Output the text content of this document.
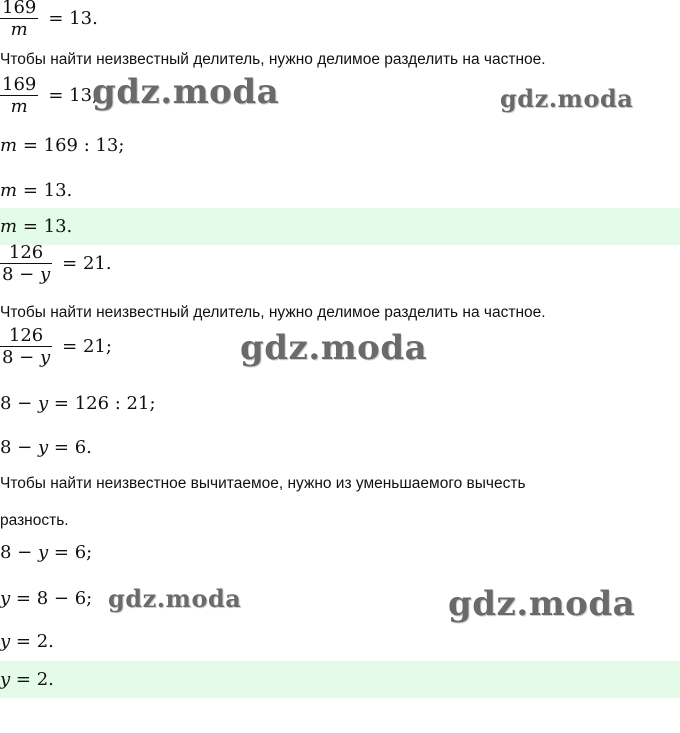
$\frac{169}{m} = 13$.
Чтобы найти неизвестный делитель, нужно делимое разделить на частное.
$\frac{169}{m} = 13$;
m = 169 : 13;
m = 13.
m = 13.
$\frac{126}{8 - y} = 21$.
Чтобы найти неизвестный делитель, нужно делимое разделить на частное.
$\frac{126}{8 - y} = 21$;
8 − y = 126 : 21;
8 − y = 6.
Чтобы найти неизвестное вычитаемое, нужно из уменьшаемого вычесть
разность.
8 − y = 6;
y = 8 − 6;
y = 2.
y = 2.
gdz.moda	gdz.moda
gdz.moda
gdz.moda	gdz.moda
